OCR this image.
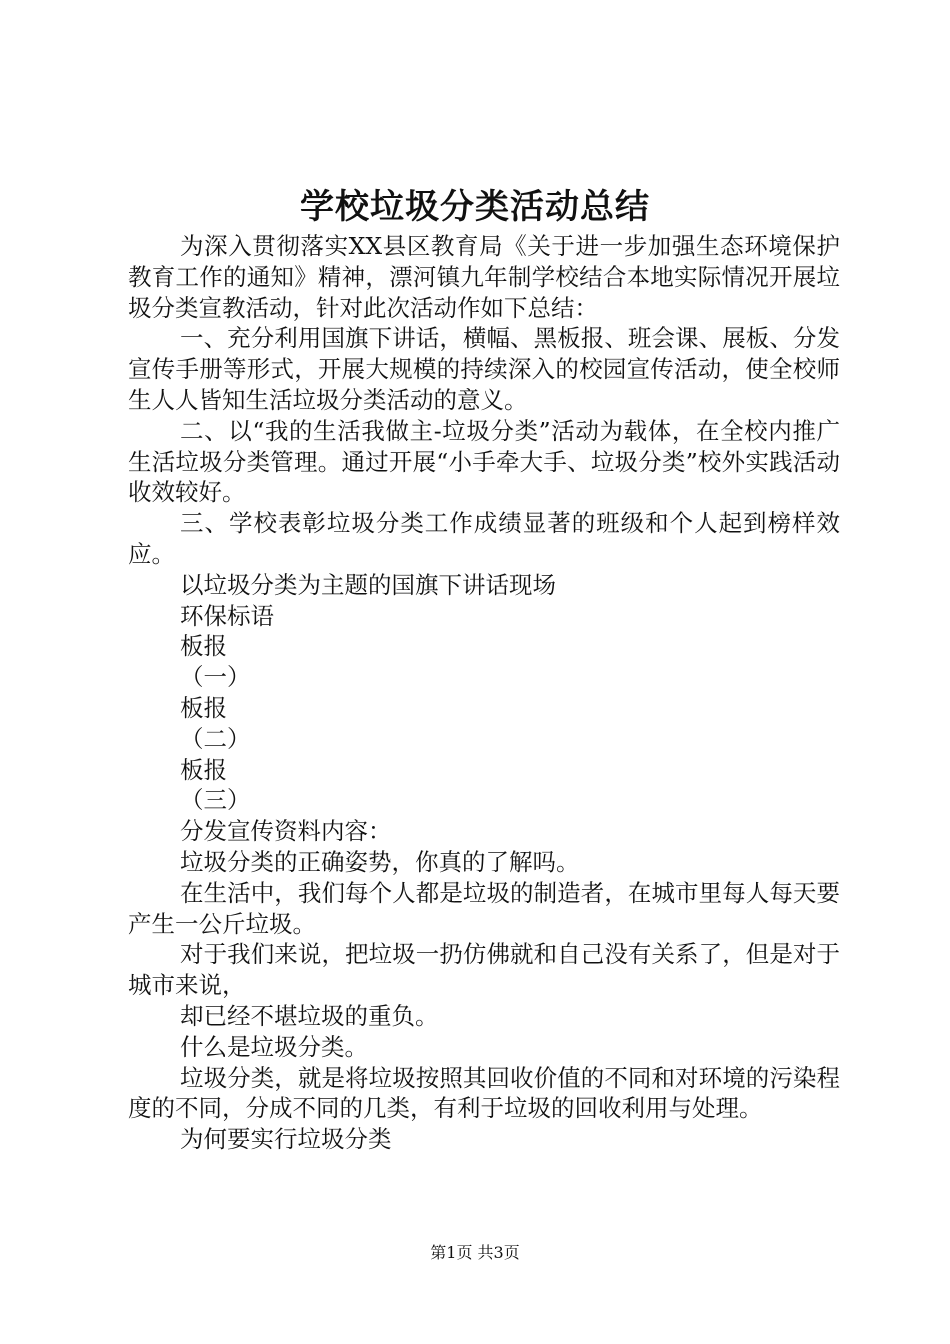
学校垃圾分类活动总结

为深入贯彻落实XX县区教育局《关于进一步加强生态环境保护教育工作的通知》精神，漂河镇九年制学校结合本地实际情况开展垃圾分类宣教活动，针对此次活动作如下总结：

一、充分利用国旗下讲话，横幅、黑板报、班会课、展板、分发宣传手册等形式，开展大规模的持续深入的校园宣传活动，使全校师生人人皆知生活垃圾分类活动的意义。

二、以“我的生活我做主-垃圾分类”活动为载体，在全校内推广生活垃圾分类管理。通过开展“小手牵大手、垃圾分类”校外实践活动收效较好。

三、学校表彰垃圾分类工作成绩显著的班级和个人起到榜样效应。

以垃圾分类为主题的国旗下讲话现场

环保标语

板报

（一）

板报

（二）

板报

（三）

分发宣传资料内容：

垃圾分类的正确姿势，你真的了解吗。

在生活中，我们每个人都是垃圾的制造者，在城市里每人每天要产生一公斤垃圾。

对于我们来说，把垃圾一扔仿佛就和自己没有关系了，但是对于城市来说，

却已经不堪垃圾的重负。

什么是垃圾分类。

垃圾分类，就是将垃圾按照其回收价值的不同和对环境的污染程度的不同，分成不同的几类，有利于垃圾的回收利用与处理。

为何要实行垃圾分类

第1页 共3页
